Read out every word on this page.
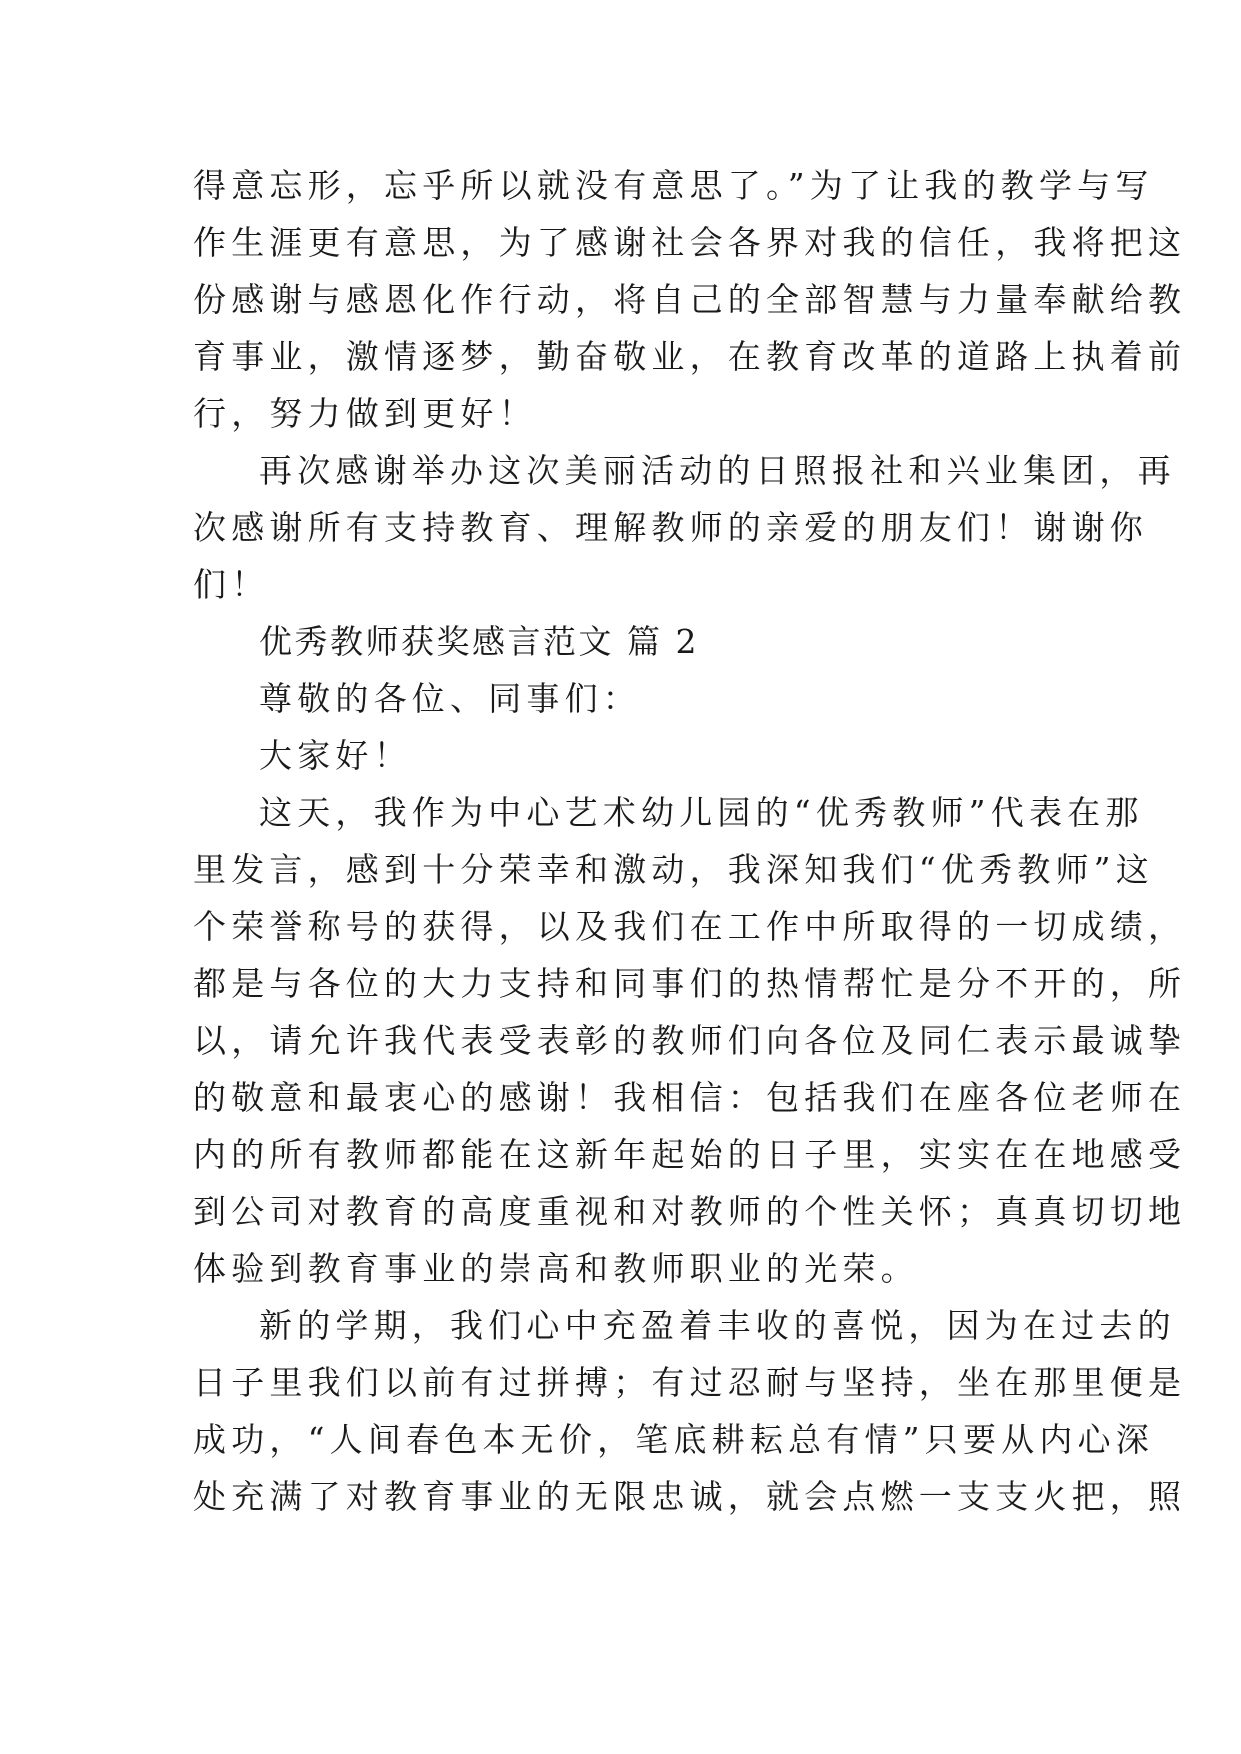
得意忘形，忘乎所以就没有意思了。”为了让我的教学与写
作生涯更有意思，为了感谢社会各界对我的信任，我将把这
份感谢与感恩化作行动，将自己的全部智慧与力量奉献给教
育事业，激情逐梦，勤奋敬业，在教育改革的道路上执着前
行，努力做到更好！
再次感谢举办这次美丽活动的日照报社和兴业集团，再
次感谢所有支持教育、理解教师的亲爱的朋友们！谢谢你
们！
优秀教师获奖感言范文 篇 2
尊敬的各位、同事们：
大家好！
这天，我作为中心艺术幼儿园的“优秀教师”代表在那
里发言，感到十分荣幸和激动，我深知我们“优秀教师”这
个荣誉称号的获得，以及我们在工作中所取得的一切成绩，
都是与各位的大力支持和同事们的热情帮忙是分不开的，所
以，请允许我代表受表彰的教师们向各位及同仁表示最诚挚
的敬意和最衷心的感谢！我相信：包括我们在座各位老师在
内的所有教师都能在这新年起始的日子里，实实在在地感受
到公司对教育的高度重视和对教师的个性关怀；真真切切地
体验到教育事业的崇高和教师职业的光荣。
新的学期，我们心中充盈着丰收的喜悦，因为在过去的
日子里我们以前有过拼搏；有过忍耐与坚持，坐在那里便是
成功，“人间春色本无价，笔底耕耘总有情”只要从内心深
处充满了对教育事业的无限忠诚，就会点燃一支支火把，照
